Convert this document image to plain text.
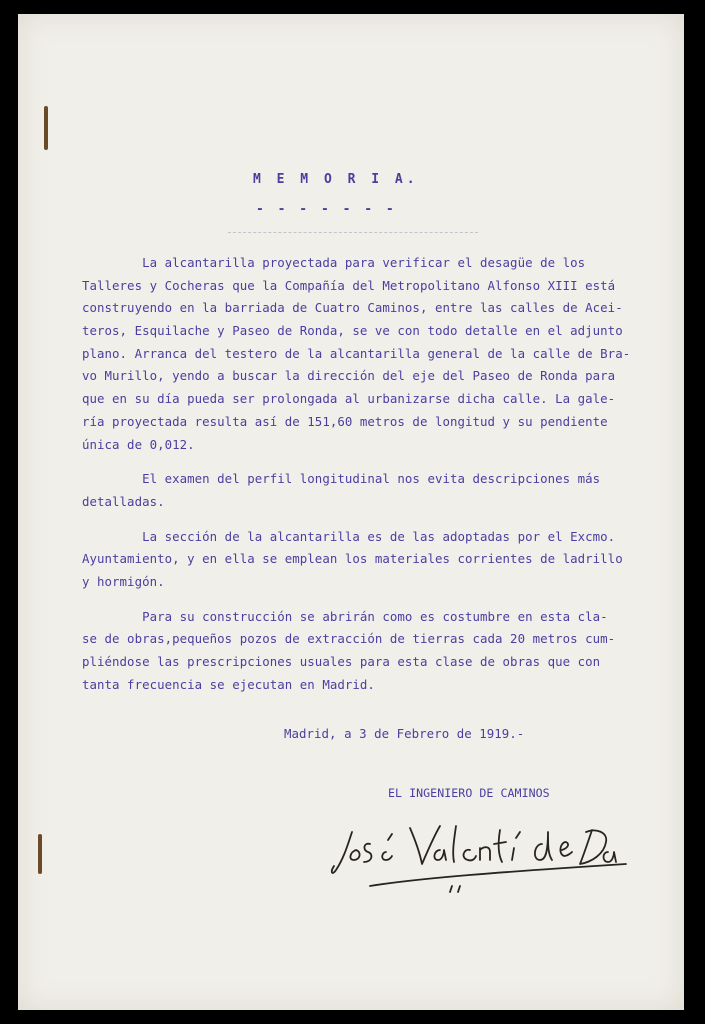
M E M O R I A.
- - - - - - -
La alcantarilla proyectada para verificar el desagüe de los
Talleres y Cocheras que la Compañía del Metropolitano Alfonso XIII está
construyendo en la barriada de Cuatro Caminos, entre las calles de Acei-
teros, Esquilache y Paseo de Ronda, se ve con todo detalle en el adjunto
plano. Arranca del testero de la alcantarilla general de la calle de Bra-
vo Murillo, yendo a buscar la dirección del eje del Paseo de Ronda para
que en su día pueda ser prolongada al urbanizarse dicha calle. La gale-
ría proyectada resulta así de 151,60 metros de longitud y su pendiente
única de 0,012.
El examen del perfil longitudinal nos evita descripciones más
detalladas.
La sección de la alcantarilla es de las adoptadas por el Excmo.
Ayuntamiento, y en ella se emplean los materiales corrientes de ladrillo
y hormigón.
Para su construcción se abrirán como es costumbre en esta cla-
se de obras,pequeños pozos de extracción de tierras cada 20 metros cum-
pliéndose las prescripciones usuales para esta clase de obras que con
tanta frecuencia se ejecutan en Madrid.
Madrid, a 3 de Febrero de 1919.-
EL INGENIERO DE CAMINOS
